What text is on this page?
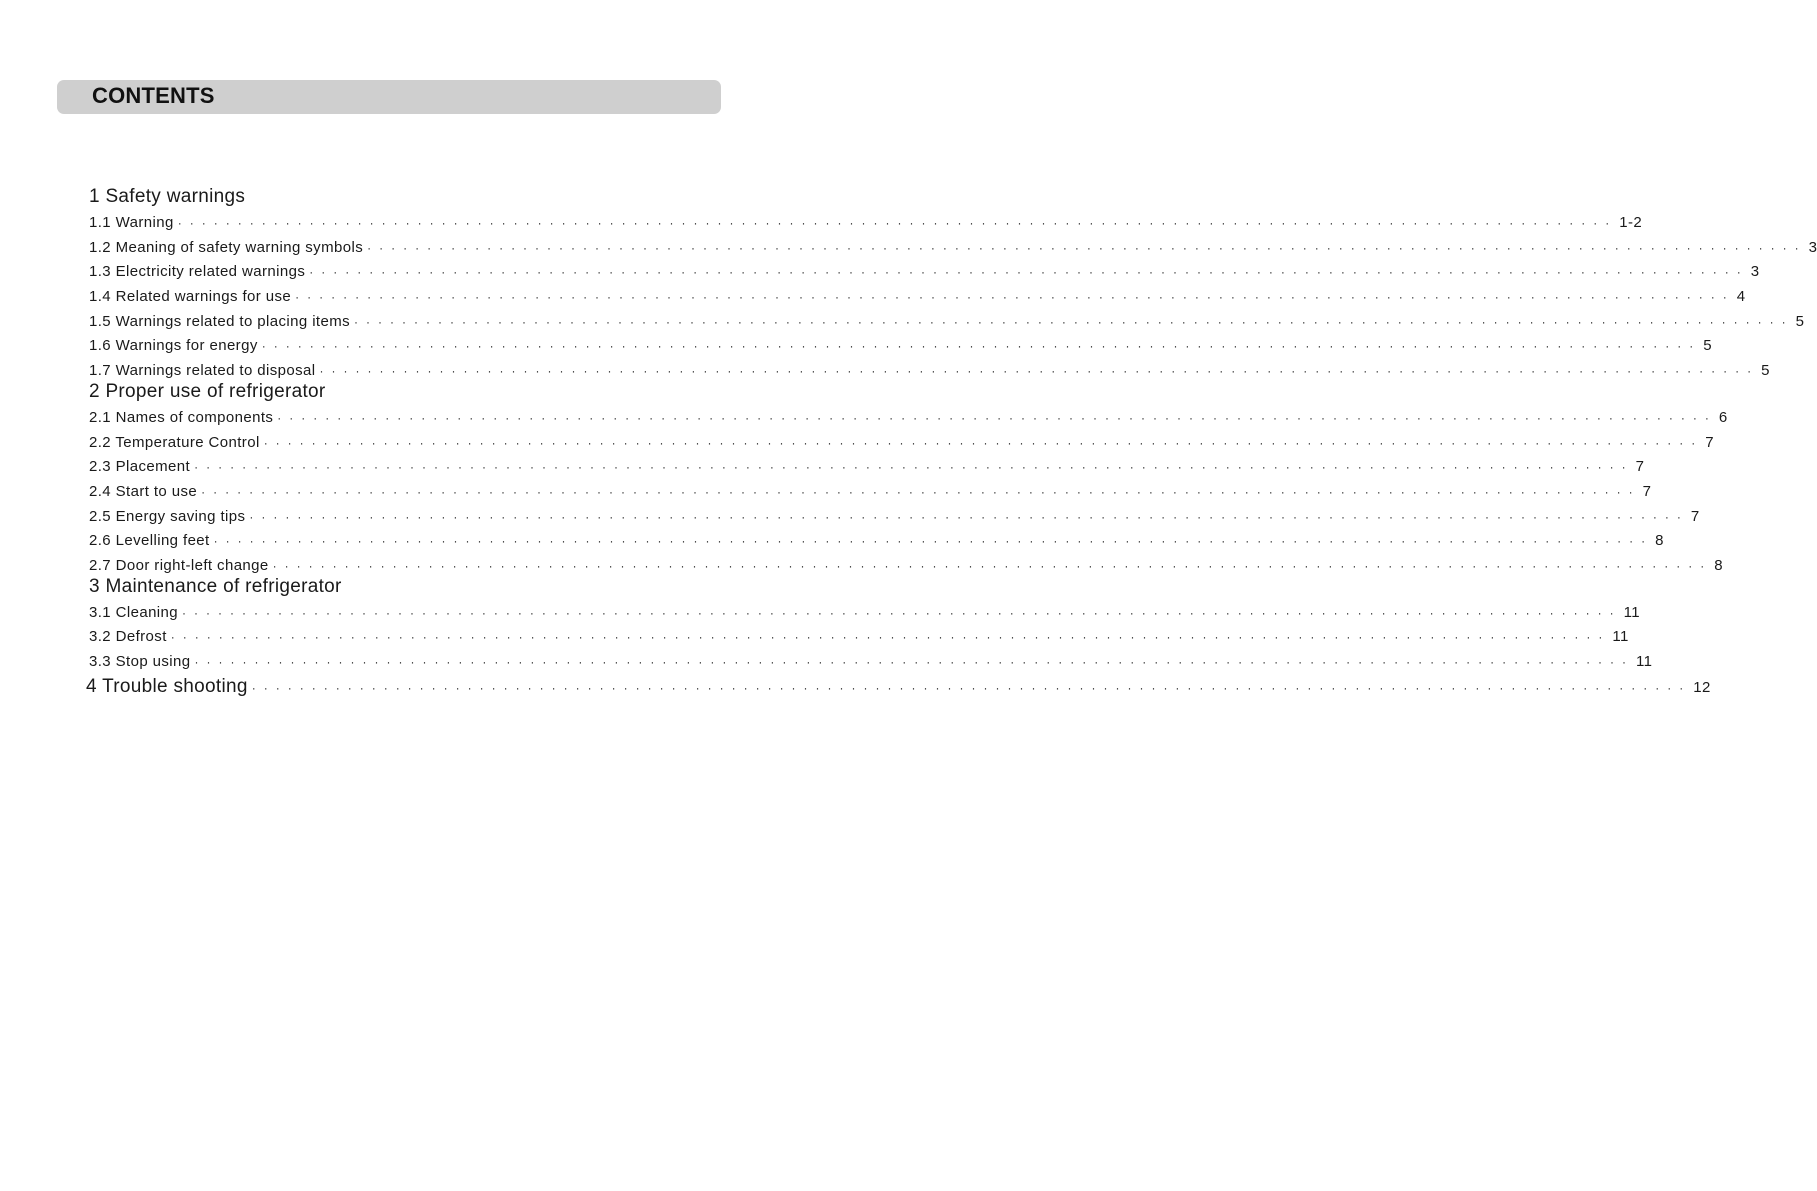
CONTENTS
1 Safety warnings
1.1 Warning ························································································································ 1-2
1.2 Meaning of safety warning symbols ························································································································ 3
1.3 Electricity related warnings ························································································································ 3
1.4 Related warnings for use ························································································································ 4
1.5 Warnings related to placing items ························································································································ 5
1.6 Warnings for energy ························································································································ 5
1.7 Warnings related to disposal ························································································································ 5
2 Proper use of refrigerator
2.1 Names of components ························································································································ 6
2.2 Temperature Control ························································································································ 7
2.3 Placement ························································································································ 7
2.4 Start to use ························································································································ 7
2.5 Energy saving tips ························································································································ 7
2.6 Levelling feet ························································································································ 8
2.7 Door right-left change ························································································································ 8
3 Maintenance of refrigerator
3.1 Cleaning ························································································································ 11
3.2 Defrost ························································································································ 11
3.3 Stop using ························································································································ 11
4 Trouble shooting ························································································································ 12
